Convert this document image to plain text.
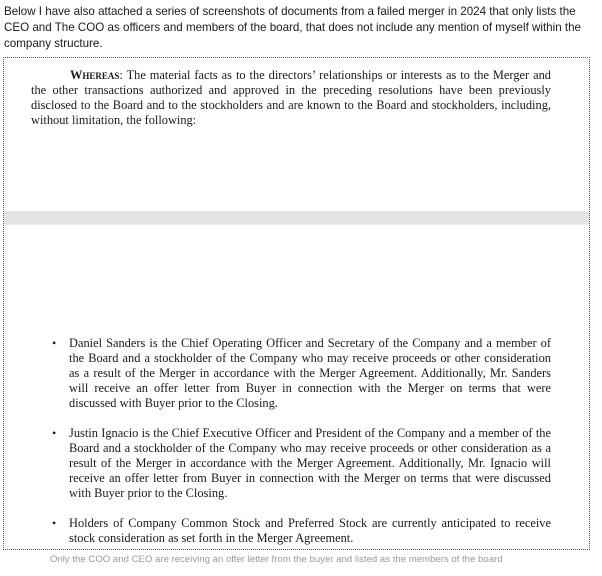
Below I have also attached a series of screenshots of documents from a failed merger in 2024 that only lists the CEO and The COO as officers and members of the board, that does not include any mention of myself within the company structure.

Whereas: The material facts as to the directors’ relationships or interests as to the Merger and the other transactions authorized and approved in the preceding resolutions have been previously disclosed to the Board and to the stockholders and are known to the Board and stockholders, including, without limitation, the following:

• Daniel Sanders is the Chief Operating Officer and Secretary of the Company and a member of the Board and a stockholder of the Company who may receive proceeds or other consideration as a result of the Merger in accordance with the Merger Agreement. Additionally, Mr. Sanders will receive an offer letter from Buyer in connection with the Merger on terms that were discussed with Buyer prior to the Closing.
• Justin Ignacio is the Chief Executive Officer and President of the Company and a member of the Board and a stockholder of the Company who may receive proceeds or other consideration as a result of the Merger in accordance with the Merger Agreement. Additionally, Mr. Ignacio will receive an offer letter from Buyer in connection with the Merger on terms that were discussed with Buyer prior to the Closing.
• Holders of Company Common Stock and Preferred Stock are currently anticipated to receive stock consideration as set forth in the Merger Agreement.

Only the COO and CEO are receiving an offer letter from the buyer and listed as the members of the board
